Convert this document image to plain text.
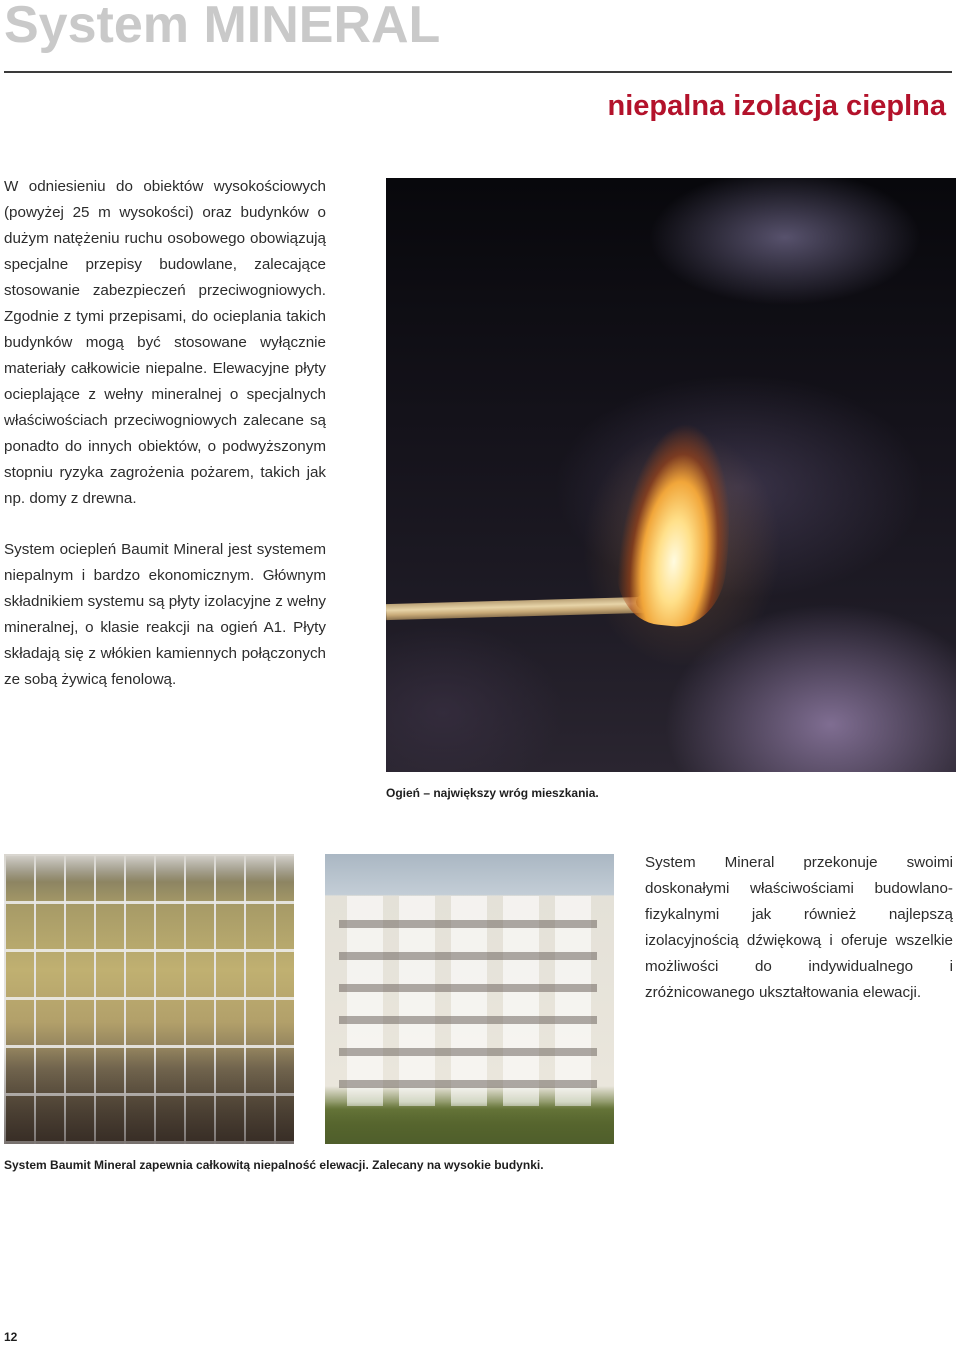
System MINERAL
niepalna izolacja cieplna

W odniesieniu do obiektów wysokościowych (powyżej 25 m wysokości) oraz budynków o dużym natężeniu ruchu osobowego obowiązują specjalne przepisy budowlane, zalecające stosowanie zabezpieczeń przeciwogniowych. Zgodnie z tymi przepisami, do ocieplania takich budynków mogą być stosowane wyłącznie materiały całkowicie niepalne. Elewacyjne płyty ocieplające z wełny mineralnej o specjalnych właściwościach przeciwogniowych zalecane są ponadto do innych obiektów, o podwyższonym stopniu ryzyka zagrożenia pożarem, takich jak np. domy z drewna.

System ociepleń Baumit Mineral jest systemem niepalnym i bardzo ekonomicznym. Głównym składnikiem systemu są płyty izolacyjne z wełny mineralnej, o klasie reakcji na ogień A1. Płyty składają się z włókien kamiennych połączonych ze sobą żywicą fenolową.

Ogień – największy wróg mieszkania.

System Mineral przekonuje swoimi doskonałymi właściwościami budowlano-fizykalnymi jak również najlepszą izolacyjnością dźwiękową i oferuje wszelkie możliwości do indywidualnego i zróżnicowanego ukształtowania elewacji.

System Baumit Mineral zapewnia całkowitą niepalność elewacji. Zalecany na wysokie budynki.
12
